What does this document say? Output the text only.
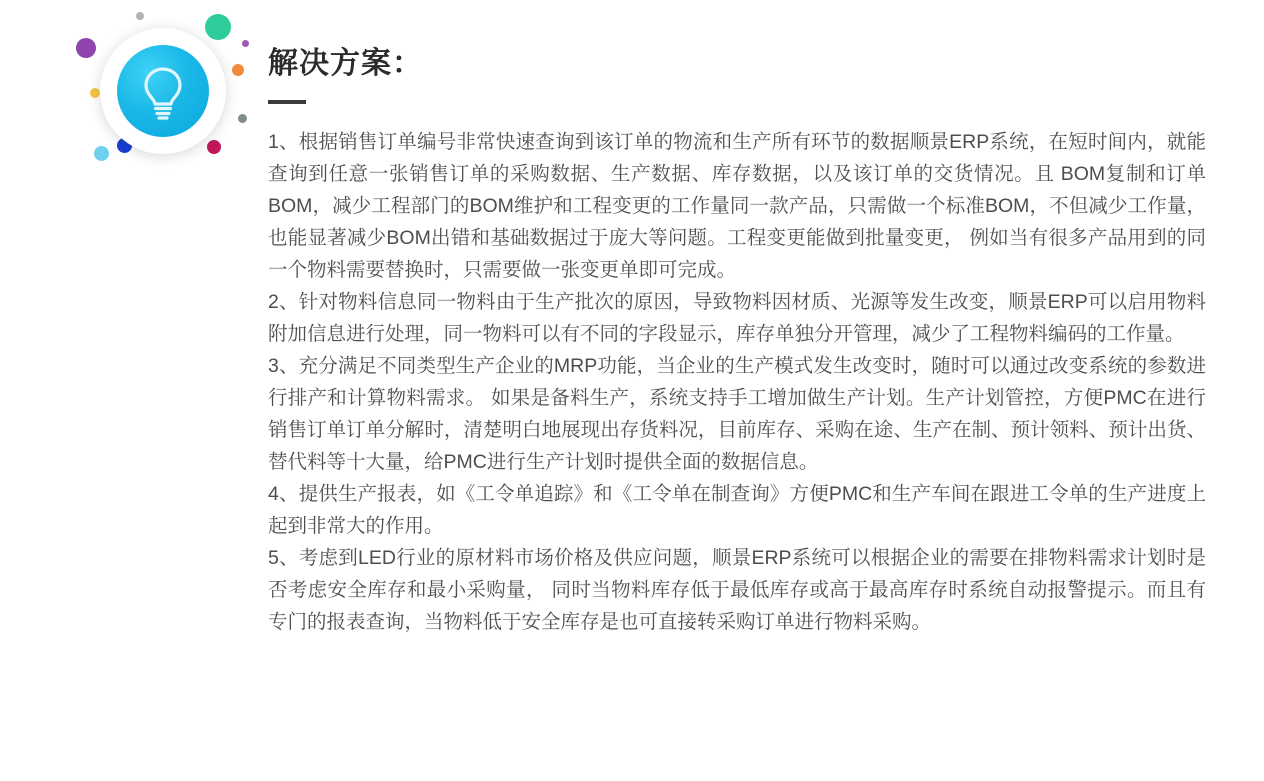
解决方案：

1、根据销售订单编号非常快速查询到该订单的物流和生产所有环节的数据顺景ERP系统，在短时间内，就能查询到任意一张销售订单的采购数据、生产数据、库存数据，以及该订单的交货情况。且 BOM复制和订单BOM，减少工程部门的BOM维护和工程变更的工作量同一款产品，只需做一个标准BOM，不但减少工作量，也能显著减少BOM出错和基础数据过于庞大等问题。工程变更能做到批量变更， 例如当有很多产品用到的同一个物料需要替换时，只需要做一张变更单即可完成。

2、针对物料信息同一物料由于生产批次的原因，导致物料因材质、光源等发生改变，顺景ERP可以启用物料附加信息进行处理，同一物料可以有不同的字段显示，库存单独分开管理，减少了工程物料编码的工作量。

3、充分满足不同类型生产企业的MRP功能，当企业的生产模式发生改变时，随时可以通过改变系统的参数进行排产和计算物料需求。 如果是备料生产，系统支持手工增加做生产计划。生产计划管控，方便PMC在进行销售订单订单分解时，清楚明白地展现出存货料况，目前库存、采购在途、生产在制、预计领料、预计出货、替代料等十大量，给PMC进行生产计划时提供全面的数据信息。

4、提供生产报表，如《工令单追踪》和《工令单在制查询》方便PMC和生产车间在跟进工令单的生产进度上起到非常大的作用。

5、考虑到LED行业的原材料市场价格及供应问题，顺景ERP系统可以根据企业的需要在排物料需求计划时是否考虑安全库存和最小采购量， 同时当物料库存低于最低库存或高于最高库存时系统自动报警提示。而且有专门的报表查询，当物料低于安全库存是也可直接转采购订单进行物料采购。
